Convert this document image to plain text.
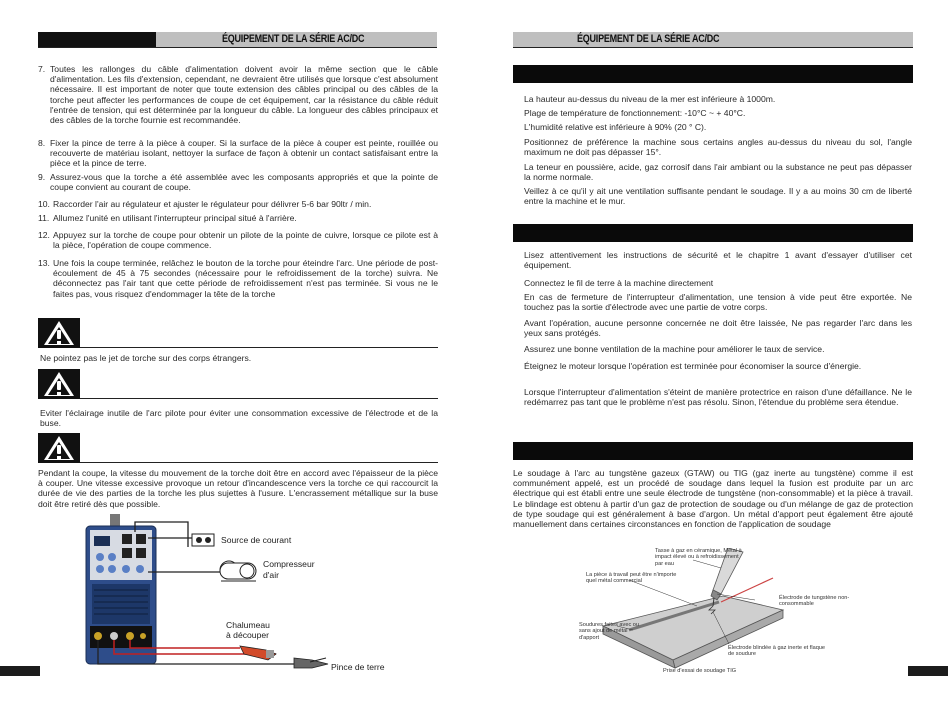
ÉQUIPEMENT DE LA SÉRIE AC/DC
7. Toutes les rallonges du câble d'alimentation doivent avoir la même section que le câble d'alimentation. Les fils d'extension, cependant, ne devraient être utilisés que lorsque c'est absolument nécessaire. Il est important de noter que toute extension des câbles principal ou des câbles de la torche peut affecter les performances de coupe de cet équipement, car la résistance du câble réduit l'entrée de tension, qui est déterminée par la longueur du câble. La longueur des câbles principaux et des câbles de la torche fournie est recommandée.
8. Fixer la pince de terre à la pièce à couper. Si la surface de la pièce à couper est peinte, rouillée ou recouverte de matériau isolant, nettoyer la surface de façon à obtenir un contact satisfaisant entre la pièce et la pince de terre.
9. Assurez-vous que la torche a été assemblée avec les composants appropriés et que la pointe de coupe convient au courant de coupe.
10. Raccorder l'air au régulateur et ajuster le régulateur pour délivrer 5-6 bar 90ltr / min.
11. Allumez l'unité en utilisant l'interrupteur principal situé à l'arrière.
12. Appuyez sur la torche de coupe pour obtenir un pilote de la pointe de cuivre, lorsque ce pilote est à la pièce, l'opération de coupe commence.
13. Une fois la coupe terminée, relâchez le bouton de la torche pour éteindre l'arc. Une période de post-écoulement de 45 à 75 secondes (nécessaire pour le refroidissement de la torche) suivra. Ne déconnectez pas l'air tant que cette période de refroidissement n'est pas terminée. Si vous ne le faites pas, vous risquez d'endommager la tête de la torche
Ne pointez pas le jet de torche sur des corps étrangers.
Eviter l'éclairage inutile de l'arc pilote pour éviter une consommation excessive de l'électrode et de la buse.
Pendant la coupe, la vitesse du mouvement de la torche doit être en accord avec l'épaisseur de la pièce à couper. Une vitesse excessive provoque un retour d'incandescence vers la torche ce qui raccourcit la durée de vie des parties de la torche les plus sujettes à l'usure. L'encrassement métallique sur la buse doit être retiré dès que possible.
Source de courant
Compresseur
d'air
Chalumeau
à découper
Pince de terre
ÉQUIPEMENT DE LA SÉRIE AC/DC
La hauteur au-dessus du niveau de la mer est inférieure à 1000m.
Plage de température de fonctionnement: -10°C ~ + 40°C.
L'humidité relative est inférieure à 90% (20 ° C).
Positionnez de préférence la machine sous certains angles au-dessus du niveau du sol, l'angle maximum ne doit pas dépasser 15°.
La teneur en poussière, acide, gaz corrosif dans l'air ambiant ou la substance ne peut pas dépasser la norme normale.
Veillez à ce qu'il y ait une ventilation suffisante pendant le soudage. Il y a au moins 30 cm de liberté entre la machine et le mur.
Lisez attentivement les instructions de sécurité et le chapitre 1 avant d'essayer d'utiliser cet équipement.
Connectez le fil de terre à la machine directement
En cas de fermeture de l'interrupteur d'alimentation, une tension à vide peut être exportée. Ne touchez pas la sortie d'électrode avec une partie de votre corps.
Avant l'opération, aucune personne concernée ne doit être laissée, Ne pas regarder l'arc dans les yeux sans protégés.
Assurez une bonne ventilation de la machine pour améliorer le taux de service.
Éteignez le moteur lorsque l'opération est terminée pour économiser la source d'énergie.
Lorsque l'interrupteur d'alimentation s'éteint de manière protectrice en raison d'une défaillance. Ne le redémarrez pas tant que le problème n'est pas résolu. Sinon, l'étendue du problème sera étendue.
Le soudage à l'arc au tungstène gazeux (GTAW) ou TIG (gaz inerte au tungstène) comme il est communément appelé, est un procédé de soudage dans lequel la fusion est produite par un arc électrique qui est établi entre une seule électrode de tungstène (non-consommable) et la pièce à travail. Le blindage est obtenu à partir d'un gaz de protection de soudage ou d'un mélange de gaz de protection de type soudage qui est généralement à base d'argon. Un métal d'apport peut également être ajouté manuellement dans certaines circonstances en fonction de l'application de soudage
Tasse à gaz en céramique, Métal à impact élevé ou à refroidissement par eau
La pièce à travail peut être n'importe quel métal commercial
Électrode de tungstène non-consommable
Soudures faites avec ou sans ajout de métal d'apport
Électrode blindée à gaz inerte et flaque de soudure
Prise d'essai de soudage TIG
